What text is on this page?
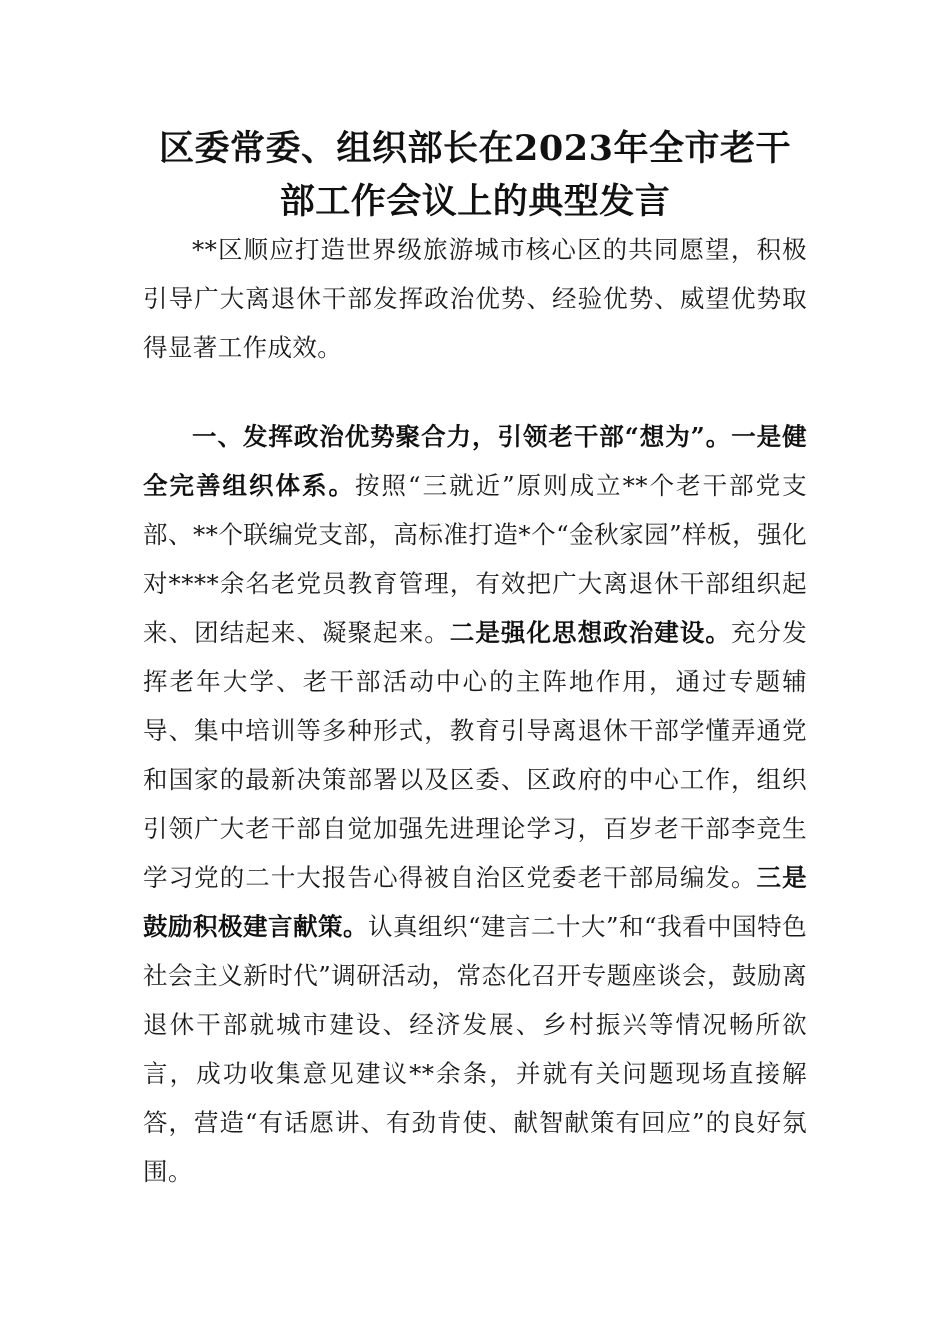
区委常委、组织部长在2023年全市老干
部工作会议上的典型发言

**区顺应打造世界级旅游城市核心区的共同愿望，积极引导广大离退休干部发挥政治优势、经验优势、威望优势取得显著工作成效。

一、发挥政治优势聚合力，引领老干部“想为”。一是健全完善组织体系。按照“三就近”原则成立**个老干部党支部、**个联编党支部，高标准打造*个“金秋家园”样板，强化对****余名老党员教育管理，有效把广大离退休干部组织起来、团结起来、凝聚起来。二是强化思想政治建设。充分发挥老年大学、老干部活动中心的主阵地作用，通过专题辅导、集中培训等多种形式，教育引导离退休干部学懂弄通党和国家的最新决策部署以及区委、区政府的中心工作，组织引领广大老干部自觉加强先进理论学习，百岁老干部李竞生学习党的二十大报告心得被自治区党委老干部局编发。三是鼓励积极建言献策。认真组织“建言二十大”和“我看中国特色社会主义新时代”调研活动，常态化召开专题座谈会，鼓励离退休干部就城市建设、经济发展、乡村振兴等情况畅所欲言，成功收集意见建议**余条，并就有关问题现场直接解答，营造“有话愿讲、有劲肯使、献智献策有回应”的良好氛围。
